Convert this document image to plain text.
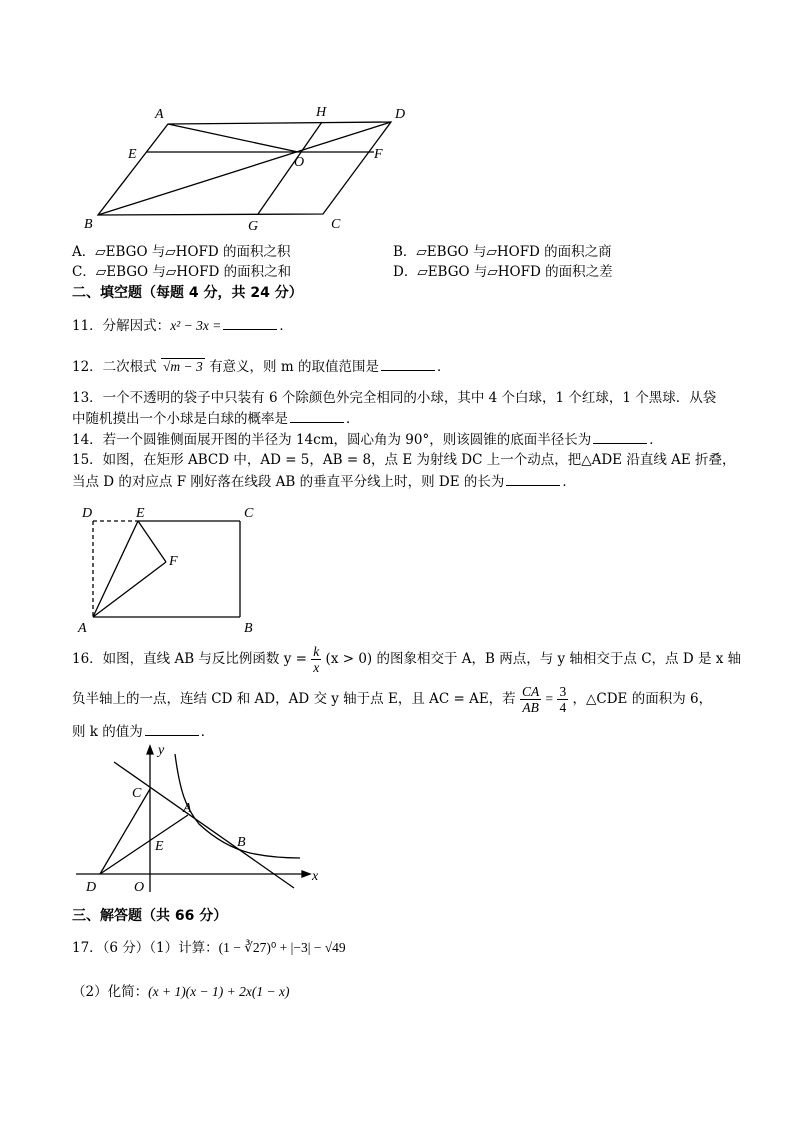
A	H	D
E
O
F
B	G	C
A．▱EBGO 与▱HOFD 的面积之积	B．▱EBGO 与▱HOFD 的面积之商
C．▱EBGO 与▱HOFD 的面积之和	D．▱EBGO 与▱HOFD 的面积之差
二、填空题（每题 4 分，共 24 分）
11．分解因式：x² − 3x =	．
12．二次根式 √m − 3 有意义，则 m 的取值范围是	．
13．一个不透明的袋子中只装有 6 个除颜色外完全相同的小球，其中 4 个白球，1 个红球，1 个黑球．从袋
中随机摸出一个小球是白球的概率是	．
14．若一个圆锥侧面展开图的半径为 14cm，圆心角为 90°，则该圆锥的底面半径长为	．
15．如图，在矩形 ABCD 中，AD = 5，AB = 8，点 E 为射线 DC 上一个动点，把△ADE 沿直线 AE 折叠，
当点 D 的对应点 F 刚好落在线段 AB 的垂直平分线上时，则 DE 的长为	．
D	E	C
F
A	B
16．如图，直线 AB 与反比例函数 $y = \frac{k}{x} (x > 0)$ 的图象相交于 A，B 两点，与 y 轴相交于点 C，点 D 是 x 轴
负半轴上的一点，连结 CD 和 AD，AD 交 y 轴于点 E，且 AC = AE，若 $\frac{CA}{AB} = \frac{3}{4}$ ，△CDE 的面积为 6，
则 k 的值为	．
y
x
C
A
E	B
D	O
三、解答题（共 66 分）
17．（6 分）（1）计算：(1 − ∛27)⁰ + |−3| − √49
（2）化简：(x + 1)(x − 1) + 2x(1 − x)
